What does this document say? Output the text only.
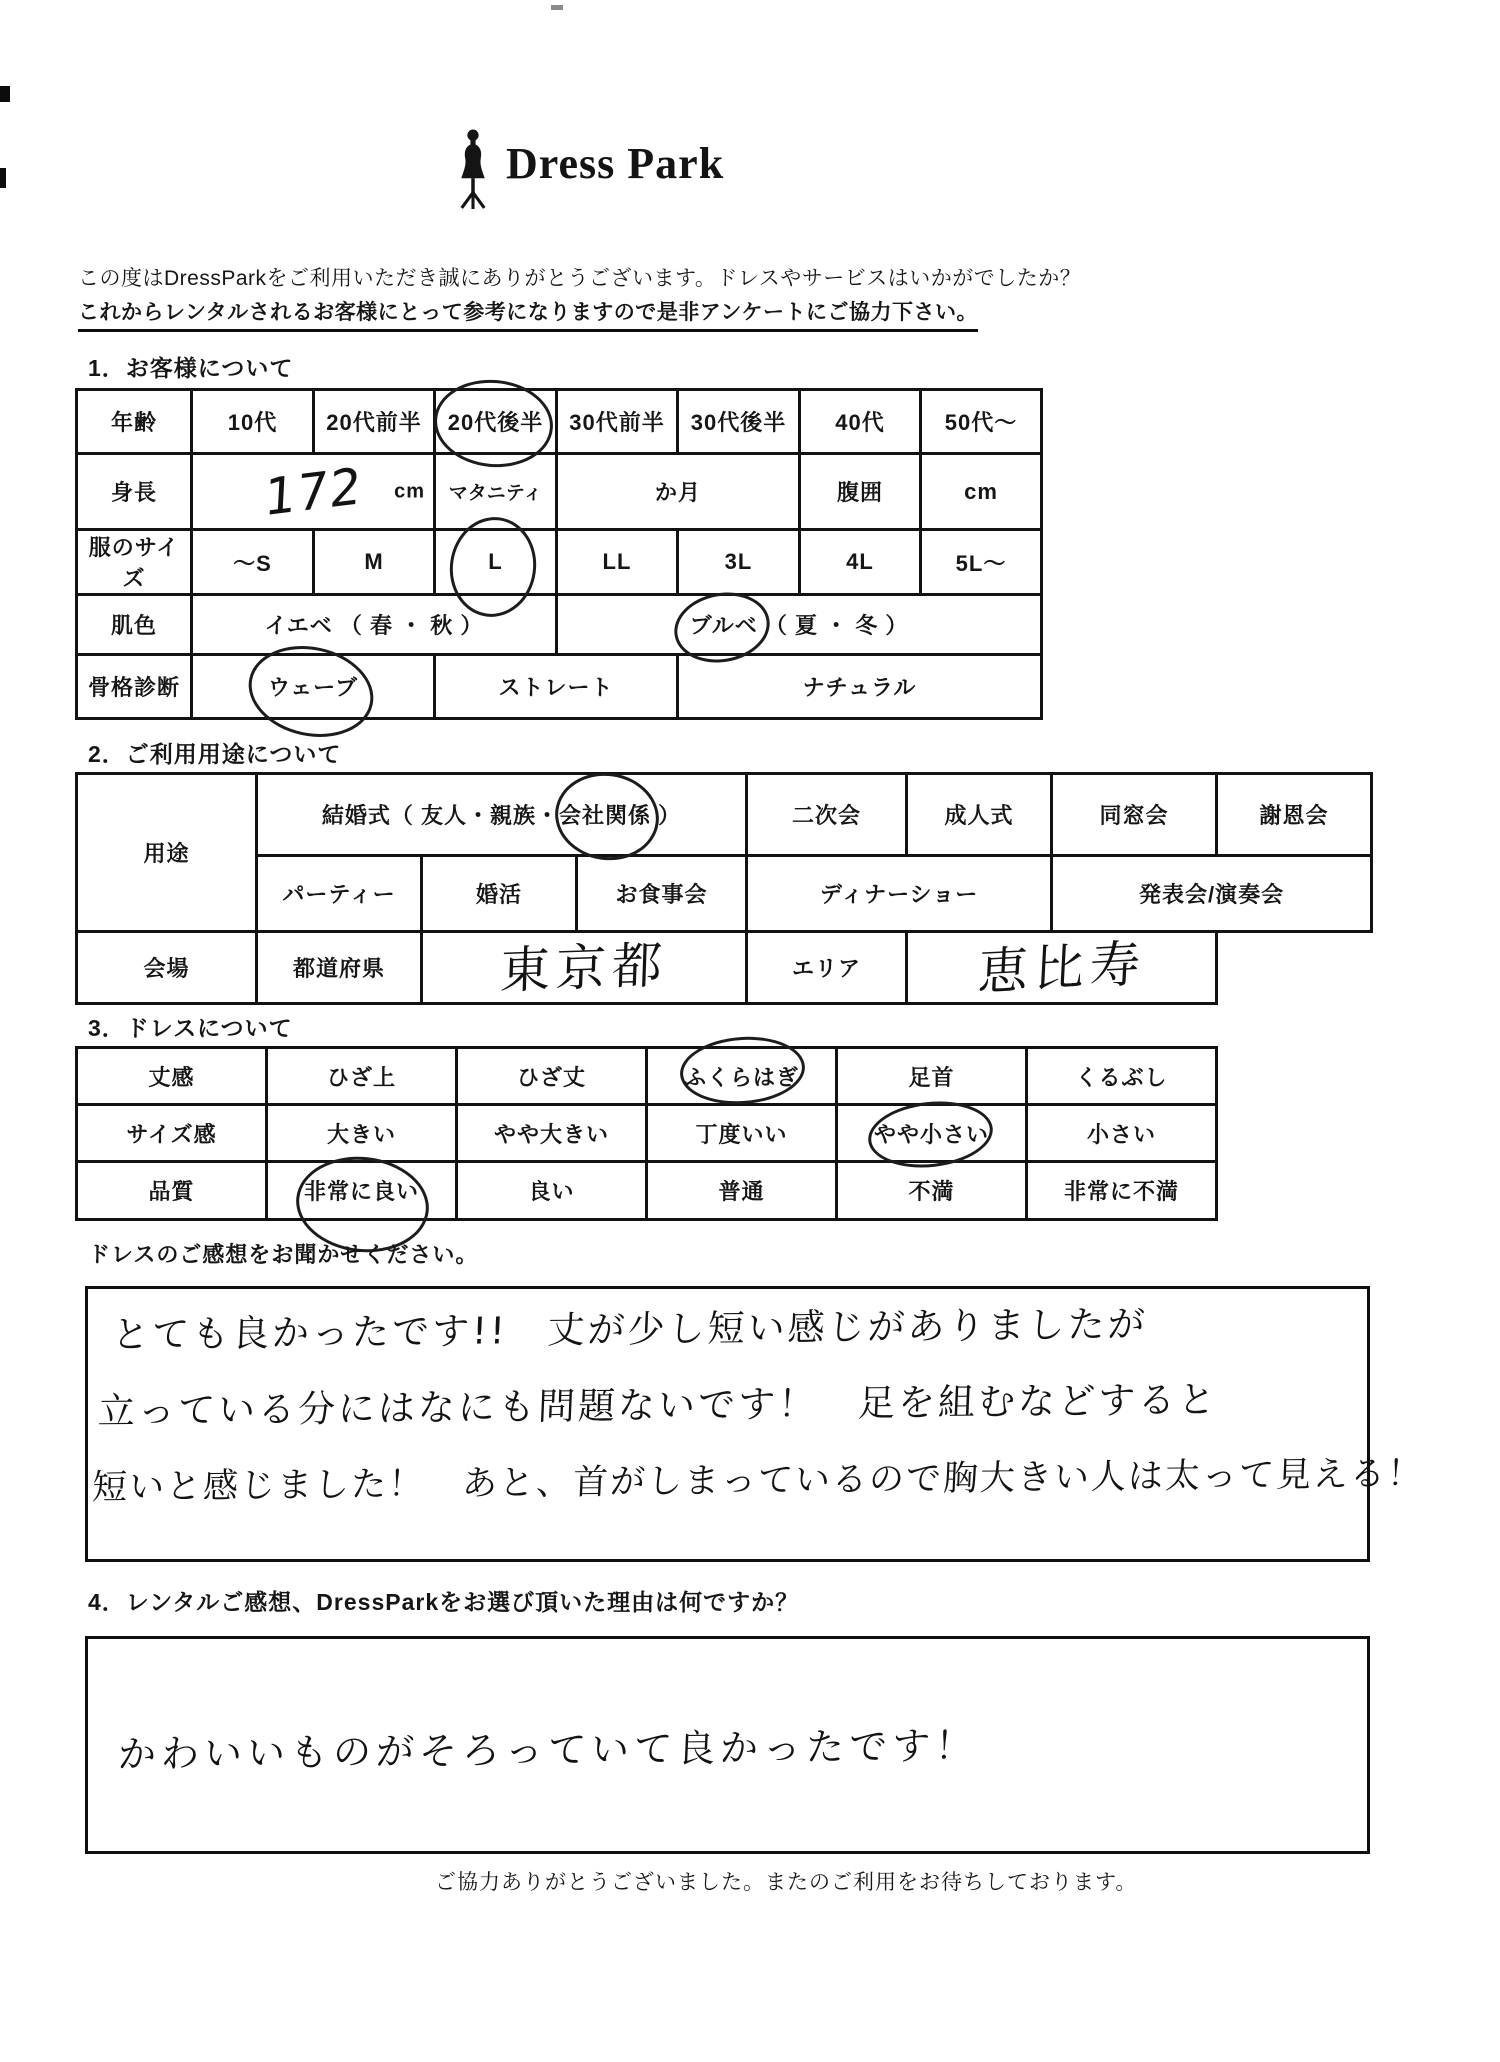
Dress Park
この度はDressParkをご利用いただき誠にありがとうございます。ドレスやサービスはいかがでしたか？
これからレンタルされるお客様にとって参考になりますので是非アンケートにご協力下さい。
1．お客様について
年齢	10代	20代前半	20代後半	30代前半	30代後半	40代	50代～
身長	172 cm		マタニティ	か月		腹囲	cm
服のサイズ	～S	M	L	LL	3L	4L	5L～
肌色	イエベ （ 春 ・ 秋 ）			ブルベ （ 夏 ・ 冬 ）			
骨格診断	ウェーブ		ストレート		ナチュラル		
2．ご利用用途について
用途	結婚式（ 友人・親族・会社関係 ）			二次会	成人式	同窓会	謝恩会
	パーティー	婚活	お食事会	ディナーショー		発表会/演奏会	
会場	都道府県	東京都		エリア	恵比寿		
3．ドレスについて
丈感	ひざ上	ひざ丈	ふくらはぎ	足首	くるぶし
サイズ感	大きい	やや大きい	丁度いい	やや小さい	小さい
品質	非常に良い	良い	普通	不満	非常に不満
ドレスのご感想をお聞かせください。
とても良かったです!!　丈が少し短い感じがありましたが
立っている分にはなにも問題ないです！　足を組むなどすると
短いと感じました！　あと、首がしまっているので胸大きい人は太って見える！
4．レンタルご感想、DressParkをお選び頂いた理由は何ですか？
かわいいものがそろっていて良かったです！
ご協力ありがとうございました。またのご利用をお待ちしております。
